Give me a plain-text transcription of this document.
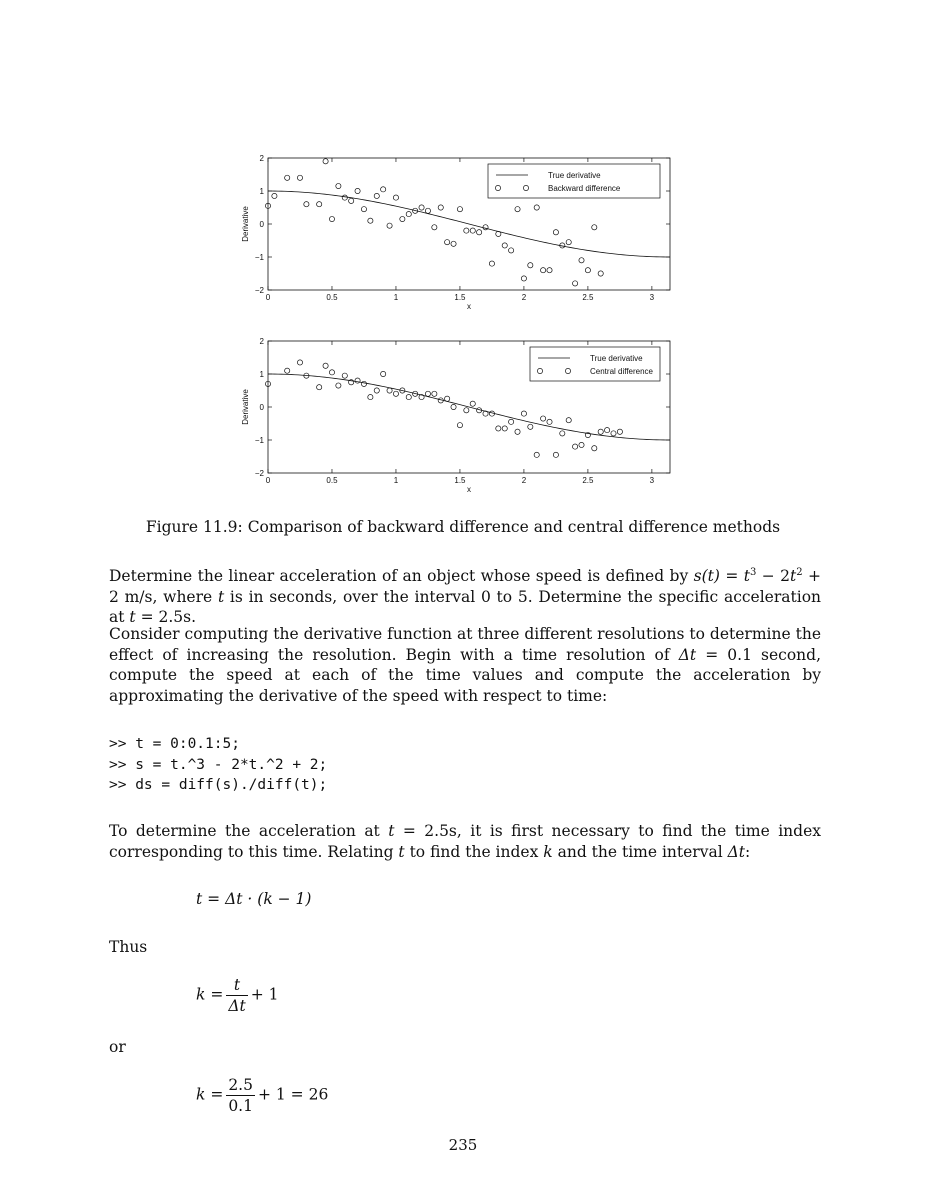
0	0.5	1	1.5	2	2.5	3
2
1
0
−1
−2
x
Derivative
True derivative
Backward difference
0	0.5	1	1.5	2	2.5	3
2
1
0
−1
−2
x
Derivative
True derivative
Central difference
Figure 11.9: Comparison of backward difference and central difference methods
Determine the linear acceleration of an object whose speed is defined by $s(t) = t^3 - 2t^2 + 2$ m/s, where t is in seconds, over the interval 0 to 5. Determine the specific acceleration at t = 2.5s.
Consider computing the derivative function at three different resolutions to determine the effect of increasing the resolution. Begin with a time resolution of Δt = 0.1 second, compute the speed at each of the time values and compute the acceleration by approximating the derivative of the speed with respect to time:
>> t = 0:0.1:5;
>> s = t.^3 - 2*t.^2 + 2;
>> ds = diff(s)./diff(t);
To determine the acceleration at t = 2.5s, it is first necessary to find the time index corresponding to this time. Relating t to find the index k and the time interval Δt:
t = Δt · (k − 1)
Thus
$k = \frac{t}{\Delta t} + 1$
or
$k = \frac{2.5}{0.1} + 1 = 26$
235
